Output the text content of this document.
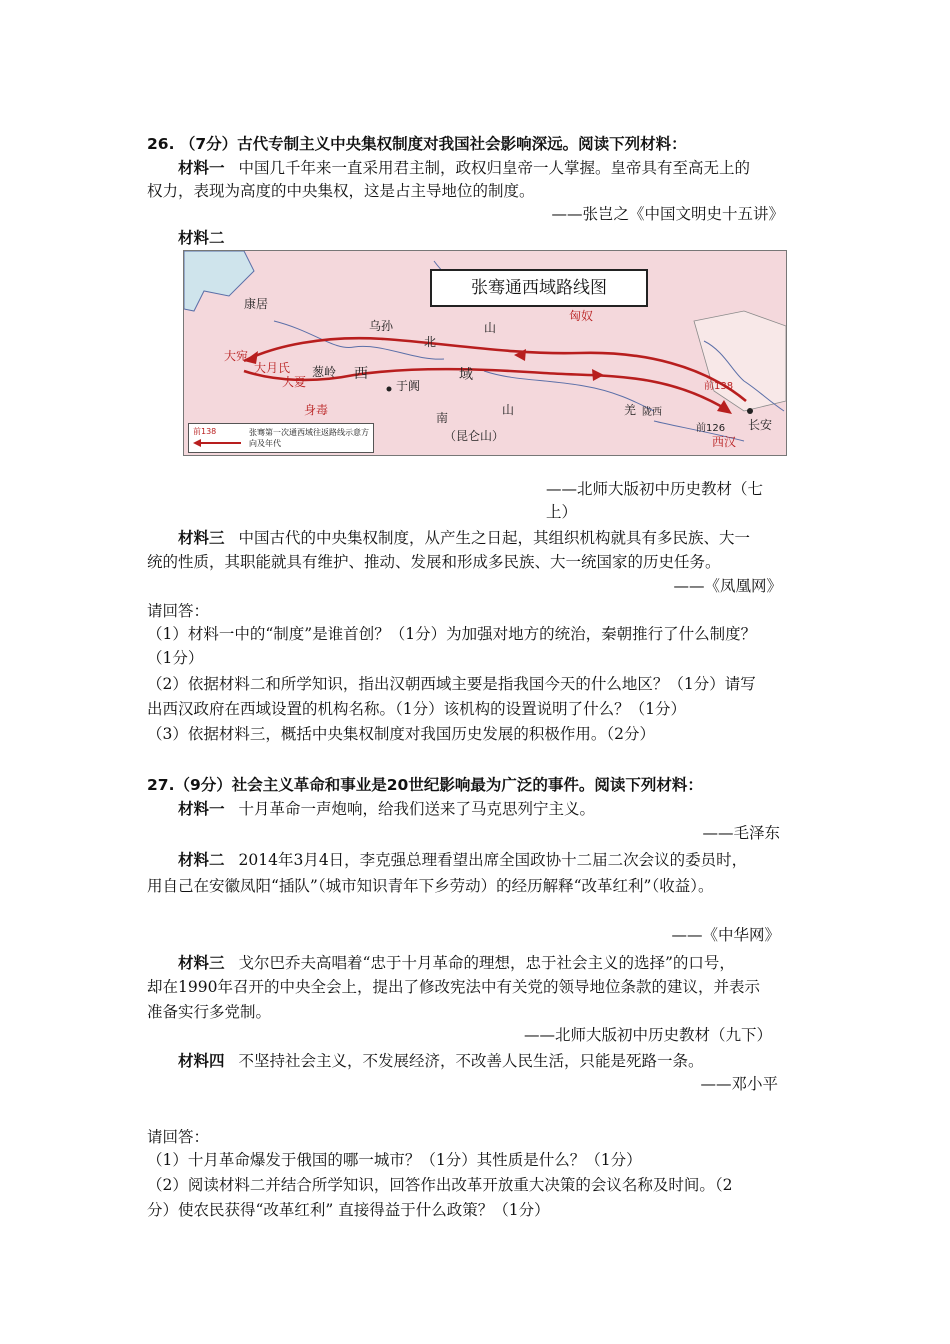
26. （7分）古代专制主义中央集权制度对我国社会影响深远。阅读下列材料：
材料一 中国几千年来一直采用君主制，政权归皇帝一人掌握。皇帝具有至高无上的
权力，表现为高度的中央集权，这是占主导地位的制度。
——张岂之《中国文明史十五讲》
材料二
张骞通西域路线图
康居
匈奴
乌孙	山
北
大宛
大月氏
大夏
葱岭 西	域
于阗
南
山
（昆仑山）
身毒	羌 陇西
前138
前126 长安
西汉
前138	张骞第一次通西域往返路线示意方向及年代
——北师大版初中历史教材（七
上）
材料三 中国古代的中央集权制度，从产生之日起，其组织机构就具有多民族、大一
统的性质，其职能就具有维护、推动、发展和形成多民族、大一统国家的历史任务。
——《凤凰网》
请回答：
（1）材料一中的“制度”是谁首创？（1分）为加强对地方的统治，秦朝推行了什么制度？
（1分）
（2）依据材料二和所学知识，指出汉朝西域主要是指我国今天的什么地区？（1分）请写
出西汉政府在西域设置的机构名称。（1分）该机构的设置说明了什么？（1分）
（3）依据材料三，概括中央集权制度对我国历史发展的积极作用。（2分）
27.（9分）社会主义革命和事业是20世纪影响最为广泛的事件。阅读下列材料：
材料一 十月革命一声炮响，给我们送来了马克思列宁主义。
——毛泽东
材料二 2014年3月4日，李克强总理看望出席全国政协十二届二次会议的委员时，
用自己在安徽凤阳“插队”（城市知识青年下乡劳动）的经历解释“改革红利”（收益）。
——《中华网》
材料三 戈尔巴乔夫高唱着“忠于十月革命的理想，忠于社会主义的选择”的口号，
却在1990年召开的中央全会上，提出了修改宪法中有关党的领导地位条款的建议，并表示
准备实行多党制。
——北师大版初中历史教材（九下）
材料四 不坚持社会主义，不发展经济，不改善人民生活，只能是死路一条。
——邓小平
请回答：
（1）十月革命爆发于俄国的哪一城市？（1分）其性质是什么？（1分）
（2）阅读材料二并结合所学知识，回答作出改革开放重大决策的会议名称及时间。（2
分）使农民获得“改革红利” 直接得益于什么政策？（1分）
